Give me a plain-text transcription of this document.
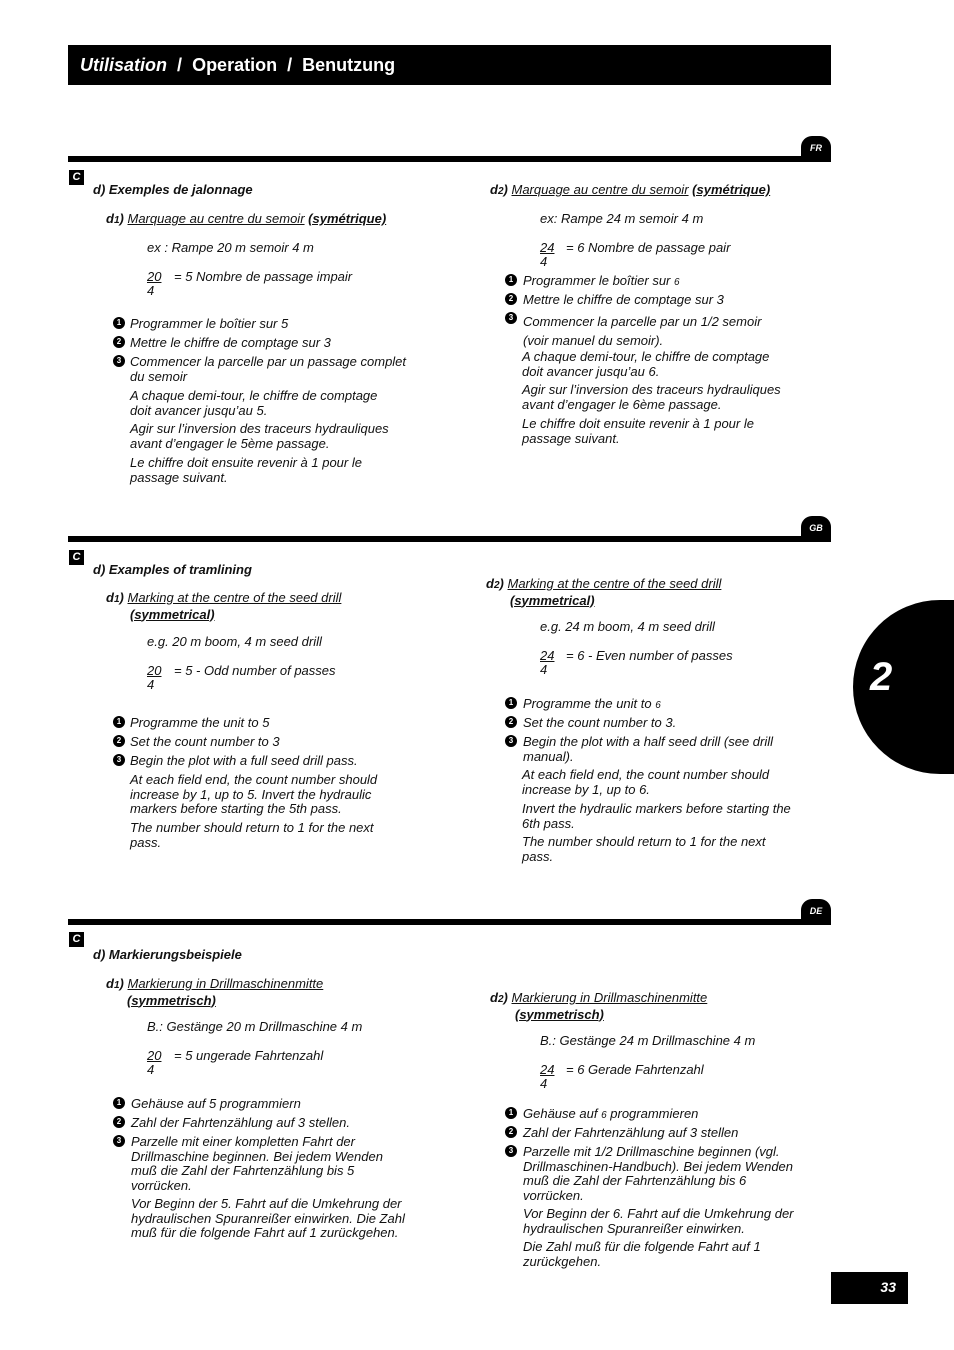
Utilisation / Operation / Benutzung
FR
C
d) Exemples de jalonnage
d1) Marquage au centre du semoir (symétrique)
ex : Rampe 20 m semoir 4 m
$\frac{20}{4} = 5$ Nombre de passage impair
1 Programmer le boîtier sur 5
2 Mettre le chiffre de comptage sur 3
3 Commencer la parcelle par un passage complet
du semoir
A chaque demi-tour, le chiffre de comptage
doit avancer jusqu’au 5.
Agir sur l’inversion des traceurs hydrauliques
avant d’engager le 5ème passage.
Le chiffre doit ensuite revenir à 1 pour le
passage suivant.
d2) Marquage au centre du semoir (symétrique)
ex: Rampe 24 m semoir 4 m
$\frac{24}{4} = 6$ Nombre de passage pair
1 Programmer le boîtier sur 6
2 Mettre le chiffre de comptage sur 3
3 Commencer la parcelle par un 1/2 semoir
(voir manuel du semoir).
A chaque demi-tour, le chiffre de comptage
doit avancer jusqu’au 6.
Agir sur l’inversion des traceurs hydrauliques
avant d’engager le 6ème passage.
Le chiffre doit ensuite revenir à 1 pour le
passage suivant.
GB
C
d) Examples of tramlining
d1) Marking at the centre of the seed drill
(symmetrical)
e.g. 20 m boom, 4 m seed drill
$\frac{20}{4} = 5$ - Odd number of passes
1 Programme the unit to 5
2 Set the count number to 3
3 Begin the plot with a full seed drill pass.
At each field end, the count number should
increase by 1, up to 5. Invert the hydraulic
markers before starting the 5th pass.
The number should return to 1 for the next
pass.
d2) Marking at the centre of the seed drill
(symmetrical)
e.g. 24 m boom, 4 m seed drill
$\frac{24}{4} = 6$ - Even number of passes
1 Programme the unit to 6
2 Set the count number to 3.
3 Begin the plot with a half seed drill (see drill
manual).
At each field end, the count number should
increase by 1, up to 6.
Invert the hydraulic markers before starting the
6th pass.
The number should return to 1 for the next
pass.
DE
C
d) Markierungsbeispiele
d1) Markierung in Drillmaschinenmitte
(symmetrisch)
B.: Gestänge 20 m Drillmaschine 4 m
$\frac{20}{4} = 5$ ungerade Fahrtenzahl
1 Gehäuse auf 5 programmiern
2 Zahl der Fahrtenzählung auf 3 stellen.
3 Parzelle mit einer kompletten Fahrt der
Drillmaschine beginnen. Bei jedem Wenden
muß die Zahl der Fahrtenzählung bis 5
vorrücken.
Vor Beginn der 5. Fahrt auf die Umkehrung der
hydraulischen Spuranreißer einwirken. Die Zahl
muß für die folgende Fahrt auf 1 zurückgehen.
d2) Markierung in Drillmaschinenmitte
(symmetrisch)
B.: Gestänge 24 m Drillmaschine 4 m
$\frac{24}{4} = 6$ Gerade Fahrtenzahl
1 Gehäuse auf 6 programmieren
2 Zahl der Fahrtenzählung auf 3 stellen
3 Parzelle mit 1/2 Drillmaschine beginnen (vgl.
Drillmaschinen-Handbuch). Bei jedem Wenden
muß die Zahl der Fahrtenzählung bis 6
vorrücken.
Vor Beginn der 6. Fahrt auf die Umkehrung der
hydraulischen Spuranreißer einwirken.
Die Zahl muß für die folgende Fahrt auf 1
zurückgehen.
2
33
